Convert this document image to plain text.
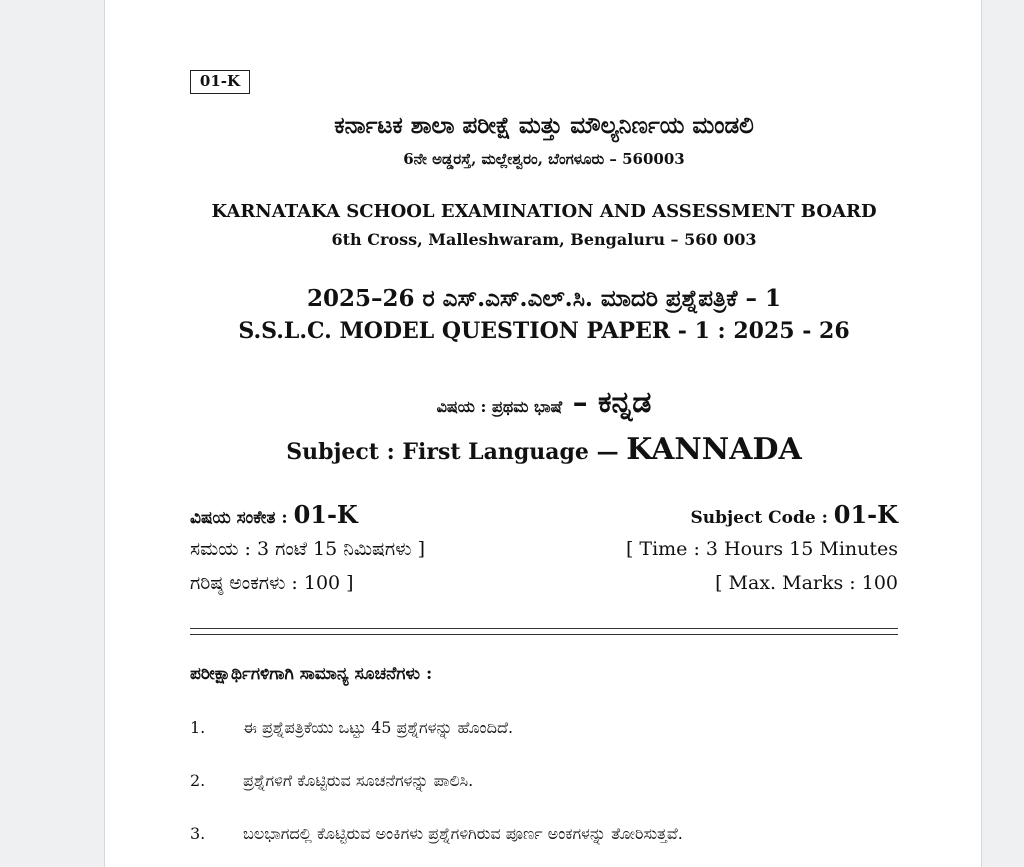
01-K
ಕರ್ನಾಟಕ ಶಾಲಾ ಪರೀಕ್ಷೆ ಮತ್ತು ಮೌಲ್ಯನಿರ್ಣಯ ಮಂಡಲಿ
6ನೇ ಅಡ್ಡರಸ್ತೆ, ಮಲ್ಲೇಶ್ವರಂ, ಬೆಂಗಳೂರು – 560003
KARNATAKA SCHOOL EXAMINATION AND ASSESSMENT BOARD
6th Cross, Malleshwaram, Bengaluru – 560 003
2025–26 ರ ಎಸ್.ಎಸ್.ಎಲ್.ಸಿ. ಮಾದರಿ ಪ್ರಶ್ನೆಪತ್ರಿಕೆ – 1
S.S.L.C. MODEL QUESTION PAPER - 1 : 2025 - 26
ವಿಷಯ : ಪ್ರಥಮ ಭಾಷೆ – ಕನ್ನಡ
Subject : First Language — KANNADA
ವಿಷಯ ಸಂಕೇತ : 01-K	Subject Code : 01-K
ಸಮಯ : 3 ಗಂಟೆ 15 ನಿಮಿಷಗಳು ]	[ Time : 3 Hours 15 Minutes
ಗರಿಷ್ಠ ಅಂಕಗಳು : 100 ]	[ Max. Marks : 100
ಪರೀಕ್ಷಾರ್ಥಿಗಳಿಗಾಗಿ ಸಾಮಾನ್ಯ ಸೂಚನೆಗಳು :
1. ಈ ಪ್ರಶ್ನೆಪತ್ರಿಕೆಯು ಒಟ್ಟು 45 ಪ್ರಶ್ನೆಗಳನ್ನು ಹೊಂದಿದೆ.
2. ಪ್ರಶ್ನೆಗಳಿಗೆ ಕೊಟ್ಟಿರುವ ಸೂಚನೆಗಳನ್ನು ಪಾಲಿಸಿ.
3. ಬಲಭಾಗದಲ್ಲಿ ಕೊಟ್ಟಿರುವ ಅಂಕಿಗಳು ಪ್ರಶ್ನೆಗಳಿಗಿರುವ ಪೂರ್ಣ ಅಂಕಗಳನ್ನು ತೋರಿಸುತ್ತವೆ.
